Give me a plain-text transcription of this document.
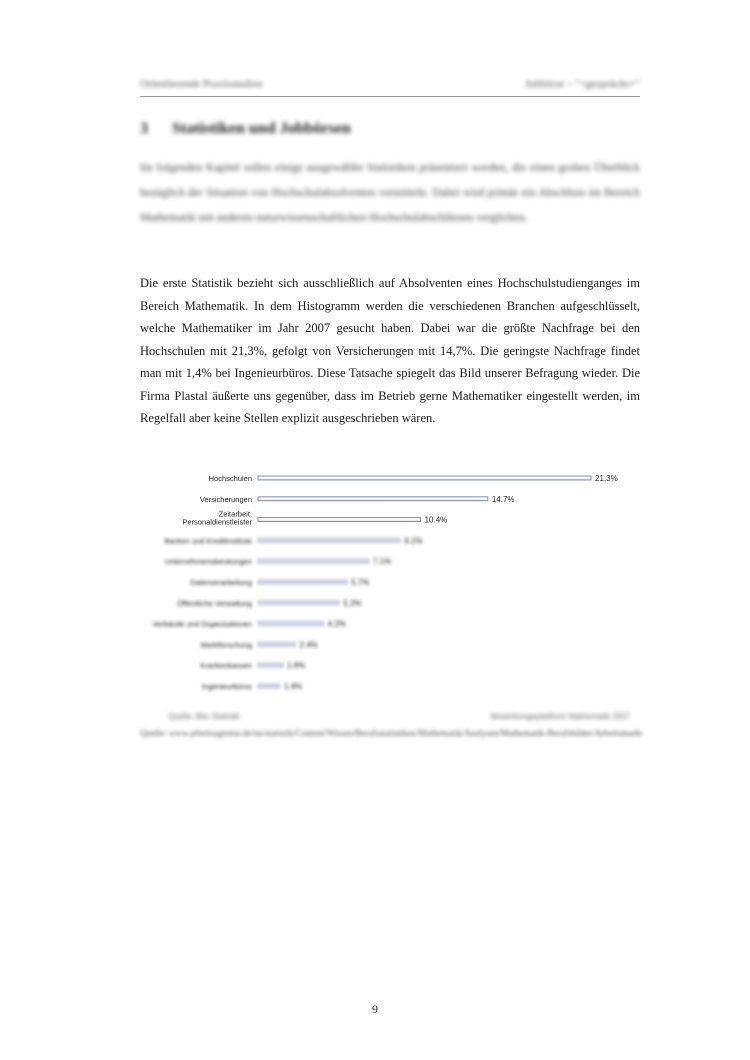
Orientierende Praxisstudien	Jobbörse – "+gesprächs+"
3 Statistiken und Jobbörsen
Im folgenden Kapitel sollen einige ausgewählte Statistiken präsentiert werden, die einen groben Überblick bezüglich der Situation von Hochschulabsolventen vermitteln. Dabei wird primär ein Abschluss im Bereich Mathematik mit anderen naturwissenschaftlichen Hochschulabschlüssen verglichen.
Die erste Statistik bezieht sich ausschließlich auf Absolventen eines Hochschulstudienganges im Bereich Mathematik. In dem Histogramm werden die verschiedenen Branchen aufgeschlüsselt, welche Mathematiker im Jahr 2007 gesucht haben. Dabei war die größte Nachfrage bei den Hochschulen mit 21,3%, gefolgt von Versicherungen mit 14,7%. Die geringste Nachfrage findet man mit 1,4% bei Ingenieurbüros. Diese Tatsache spiegelt das Bild unserer Befragung wieder. Die Firma Plastal äußerte uns gegenüber, dass im Betrieb gerne Mathematiker eingestellt werden, im Regelfall aber keine Stellen explizit ausgeschrieben wären.
Hochschulen	21.3%
Versicherungen	14.7%
Zeitarbeit,
Personaldienstleister	10.4%
Banken und Kreditinstitute	9.1%
Unternehmensberatungen	7.1%
Datenverarbeitung	5.7%
Öffentliche Verwaltung	5.2%
Verbände und Organisationen	4.2%
Marktforschung	2.4%
Krankenkassen	1.6%
Ingenieurbüros	1.4%
Quelle: Bite Statistik	Bewerbungsplattform Mathematik 2007
Quelle: www.arbeitsagentur.de/nn/statistik/Content/Wissen/Berufsstatistiken/Mathematik/Analysen/Mathematik-Berufsbilder/Arbeitsmarkt
9
